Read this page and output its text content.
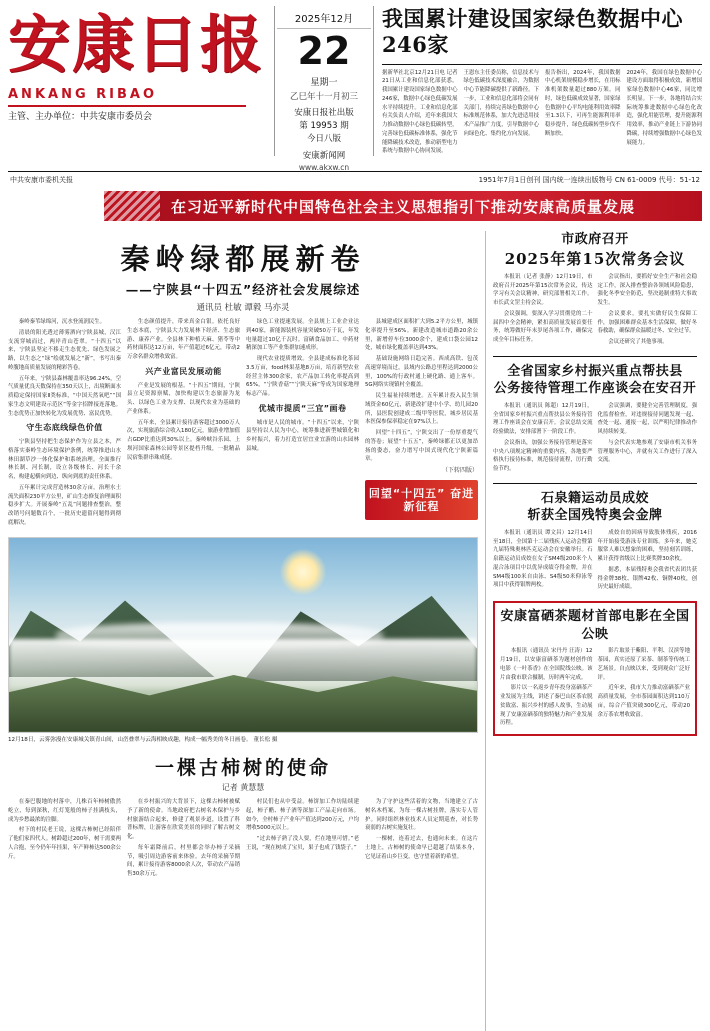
安康日报
ANKANG RIBAO
主管、主办单位：中共安康市委员会
2025年12月
22
星期一
乙巳年十一月初三
安康日报社出版
第 19953 期
今日八版
安康新闻网
www.akxw.cn
我国累计建设国家绿色数据中心246家
据新华社北京12月21日电 记者21日从工业和信息化部获悉，我国累计建设国家绿色数据中心246家，数据中心绿色低碳发展水平持续提升。工业和信息化部有关负责人介绍，近年来我国大力推动数据中心绿色低碳转型，完善绿色低碳标准体系，强化节能降碳技术改造，推动新型电力系统与数据中心协同发展。
王恩东主任委员称，信息技术与绿色低碳技术深度融合，为数据中心节能降碳提供了新路径。下一步，工业和信息化部将会同有关部门，持续完善绿色数据中心标准规范体系，加大先进适用技术产品推广力度，引导数据中心向绿色化、集约化方向发展。
报告指出，2024年，我国数据中心机架规模稳步增长，在用标准机架数量超过880万架。同时，绿色低碳成效显著，国家绿色数据中心平均电能利用效率降至1.3以下，可再生能源利用率稳步提升，绿色低碳转型步伐不断加快。
2024年，我国在绿色数据中心建设方面取得积极成效，新增国家绿色数据中心46家，同比增长明显。下一步，各地将结合实际统筹推进数据中心绿色化改造，强化用能管理，提升能源利用效率，推动产业链上下游协同降碳，持续增强数据中心绿色发展能力。
中共安康市委机关报	1951年7月1日创刊 国内统一连续出版物号 CN 61-0009 代号：51-12
在习近平新时代中国特色社会主义思想指引下推动安康高质量发展
秦岭绿都展新卷
——宁陕县“十四五”经济社会发展综述
通讯员 杜敏 谭毅 马亦灵

秦岭秦苇绿绵河，沉水登流润民生。

清晨的阳光透过薄雾洒向宁陕县城，汉江支流穿城而过，两岸青山苍翠。“十四五”以来，宁陕县坚定不移走生态优先、绿色发展之路，以生态之“绿”绘就发展之“新”，书写出秦岭腹地高质量发展的精彩答卷。

五年来，宁陕县森林覆盖率达96.24%，空气质量优良天数保持在350天以上，出境断面水质稳定保持国家Ⅱ类标准，“中国天然氧吧”“国家生态文明建设示范区”等金字招牌接连落地。生态优势正加快转化为发展优势、富民优势。

守生态底线绿色价值

宁陕县坚持把生态保护作为立县之本，严格落实秦岭生态环境保护条例，统筹推进山水林田湖草沙一体化保护和系统治理。全面推行林长制、河长制，设立各级林长、河长千余名，构建起横向到边、纵向到底的责任体系。

五年累计完成营造林30余万亩，治理水土流失面积230平方公里，矿山生态修复治理面积稳步扩大。开展秦岭“五乱”问题排查整治，整改销号问题数百个，一批历史遗留问题得到彻底解决。

生态颜值提升，带来真金白银。依托良好生态本底，宁陕县大力发展林下经济、生态旅游、康养产业。全县林下种植天麻、猪苓等中药材面积达12万亩，年产值超过6亿元，带动2万余名群众增收致富。

兴产业富民发展动能

产业是发展的根基。“十四五”期间，宁陕县立足资源禀赋，加快构建以生态旅游为龙头、以绿色工业为支撑、以现代农业为基础的产业体系。

五年来，全县累计接待游客超过3000万人次，实现旅游综合收入180亿元，旅游业增加值占GDP比重达到30%以上。秦岭峡谷乐园、上坝河国家森林公园等景区提档升级，一批精品民宿集群串珠成链。

绿色工业提速发展。全县规上工业企业达到40家，新能源装机容量突破50万千瓦，年发电量超过10亿千瓦时。富硒食品加工、中药材精深加工等产业集群加速成形。

现代农业提质增效。全县建成标准化茶园3.5万亩，food林果基地8万亩，培育新型农业经营主体300余家，农产品加工转化率提高到65%，“宁陕香菇”“宁陕天麻”等成为国家地理标志产品。

优城市提质“三宜”画卷

城市是人民的城市。“十四五”以来，宁陕县坚持以人民为中心，统筹推进新型城镇化和乡村振兴，着力打造宜居宜业宜游的山水园林县城。

县城建成区面积扩大到5.2平方公里，城镇化率提升至56%。新建改造城市道路20余公里，新增停车位3000余个，建成口袋公园12处，城市绿化覆盖率达到43%。

基础设施网络日趋完善。西成高铁、包茂高速穿境而过，县域内公路总里程达到2000公里，100%的行政村通上硬化路、通上客车。5G网络实现镇村全覆盖。

民生福祉持续增进。五年累计投入民生领域资金60亿元，新建改扩建中小学、幼儿园20所，县医院创建成二级甲等医院，城乡居民基本医保参保率稳定在97%以上。

回望“十四五”，宁陕交出了一份厚重提气的答卷；展望“十五五”，秦岭绿都正以更加昂扬的姿态，奋力谱写中国式现代化宁陕新篇章。

（下转四版）
回望“十四五” 奋进新征程
12月18日，云雾弥漫在安康城关镇青山间，山峦叠翠与云海相映成趣，构成一幅秀美的冬日画卷。 董长松 摄
一棵古柿树的使命
记者 黄慧慧

在秦巴腹地的村落中，几株百年柿树傲然屹立，每到深秋，红灯笼般的柿子挂满枝头，成为乡愁最浓的注脚。

村下的村民老王说，这棵古柿树已经陪伴了他们家四代人。树龄超过200年，树干需要两人合抱，至今仍年年挂果，年产鲜柿达500余公斤。

在乡村振兴的大背景下，这棵古柿树被赋予了新的使命。当地政府把古树名木保护与乡村旅游结合起来，修建了观景步道，设置了科普标牌，让游客在欣赏美景的同时了解古树文化。

每年霜降前后，村里都会举办柿子采摘节，吸引周边游客前来体验。去年的采摘节期间，累计接待游客8000余人次，带动农产品销售30余万元。

村民们也从中受益。柿饼加工作坊陆续建起，柿子醋、柿子酒等深加工产品走向市场。如今，全村柿子产业年产值达到200万元，户均增收5000元以上。

“过去柿子熟了没人要，烂在地里可惜。”老王说，“现在树成了宝贝，果子也成了钱袋子。”

为了守护这些活着的文物，当地建立了古树名木档案，为每一棵古树挂牌，落实专人管护。同时组织林业技术人员定期巡查，对长势衰弱的古树实施复壮。

一棵树，连着过去，也通向未来。在这片土地上，古柿树的使命早已超越了结果本身，它见证着山乡巨变，也守望着新的希望。

市政府召开
2025年第15次常务会议

本报讯（记者 张静）12月19日，市政府召开2025年第15次常务会议，传达学习有关会议精神，研究部署相关工作。市长武文罡主持会议。

会议强调，要深入学习贯彻党的二十届四中全会精神，紧扣高质量发展首要任务，统筹做好年末岁尾各项工作，确保完成全年目标任务。

会议指出，要抓好安全生产和社会稳定工作，深入排查整治各领域风险隐患，强化冬季安全防范，坚决遏制重特大事故发生。

会议要求，要扎实做好民生保障工作，加强困难群众基本生活保障，做好冬春救助，确保群众温暖过冬、安全过节。

会议还研究了其他事项。

全省国家乡村振兴重点帮扶县
公务接待管理工作座谈会在安召开

本报讯（通讯员 陈超）12月19日，全省国家乡村振兴重点帮扶县公务接待管理工作座谈会在安康召开。会议总结交流经验做法，安排部署下一阶段工作。

会议指出，加强公务接待管理是落实中央八项规定精神的重要内容，各地要严格执行接待标准，规范接待流程，厉行勤俭节约。

会议强调，要健全完善管理制度，强化监督检查，对违规接待问题发现一起、查处一起、通报一起，以严明纪律推动作风持续转变。

与会代表实地参观了安康市机关事务管理服务中心，并就有关工作进行了深入交流。

石泉籍运动员成姣
斩获全国残特奥会金牌

本报讯（通讯员 谭文昌）12月14日至18日，全国第十二届残疾人运动会暨第九届特殊奥林匹克运动会在安徽举行。石泉籍运动员成姣在女子SM4级200米个人混合泳项目中以优异成绩夺得金牌，并在SM4级100米自由泳、S4级50米仰泳等项目中获得银牌两枚。

成姣自幼因病导致肢体残疾，2016年开始接受游泳专业训练。多年来，她克服常人难以想象的困难，坚持刻苦训练，累计获得省级以上比赛奖牌30余枚。

据悉，本届残特奥会我省代表团共获得金牌38枚、银牌42枚、铜牌40枚，创历史最好成绩。

安康富硒茶题材首部电影在全国公映

本报讯（通讯员 宋丹丹 汪涛）12月19日，以安康富硒茶为题材创作的电影《一叶茶香》在全国院线公映。该片由我市联合摄制，历时两年完成。

影片以一名返乡青年投身富硒茶产业发展为主线，讲述了秦巴山区茶农脱贫致富、振兴乡村的感人故事，生动展现了安康富硒茶的独特魅力和产业发展历程。

影片取景于紫阳、平利、汉滨等地茶园，真实还原了采茶、制茶等传统工艺场景。自点映以来，受到观众广泛好评。

近年来，我市大力推动富硒茶产业高质量发展，全市茶园面积达到110万亩，综合产值突破300亿元，带动20余万茶农增收致富。
